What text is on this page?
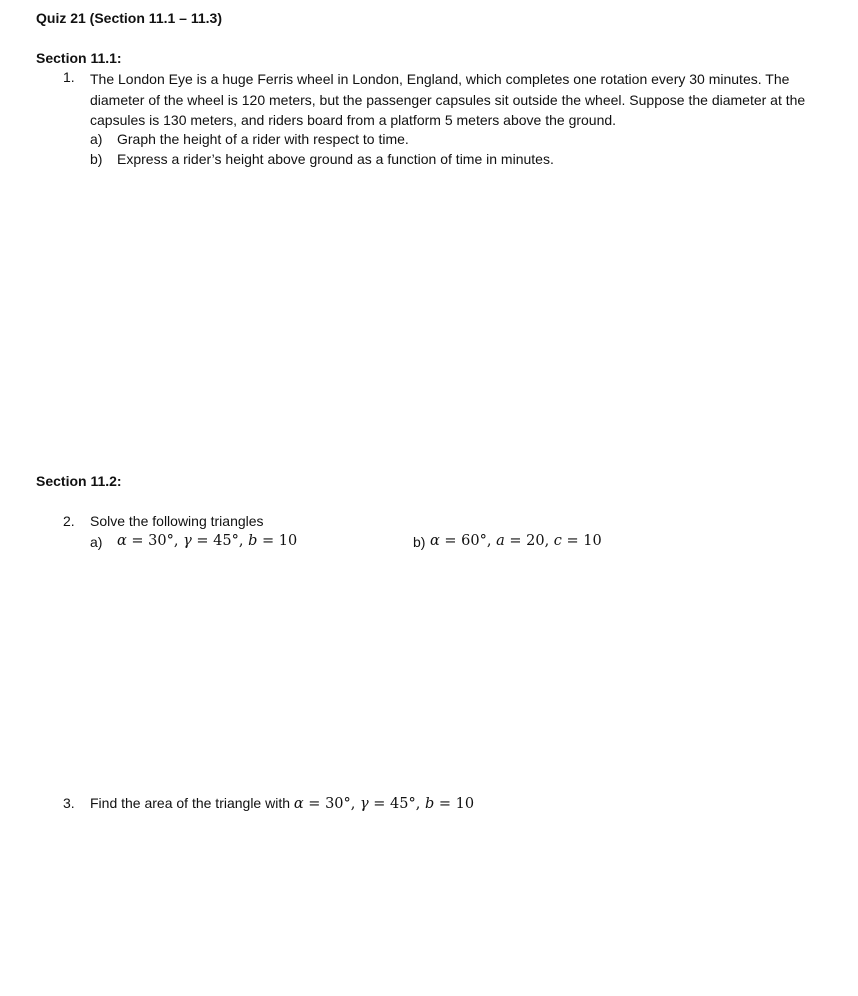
Quiz 21 (Section 11.1 – 11.3)
Section 11.1:
1. The London Eye is a huge Ferris wheel in London, England, which completes one rotation every 30 minutes. The diameter of the wheel is 120 meters, but the passenger capsules sit outside the wheel. Suppose the diameter at the capsules is 130 meters, and riders board from a platform 5 meters above the ground.
a) Graph the height of a rider with respect to time.
b) Express a rider’s height above ground as a function of time in minutes.
Section 11.2:
2. Solve the following triangles
a) α = 30°, γ = 45°, b = 10	b) α = 60°, a = 20, c = 10
3. Find the area of the triangle with α = 30°, γ = 45°, b = 10
